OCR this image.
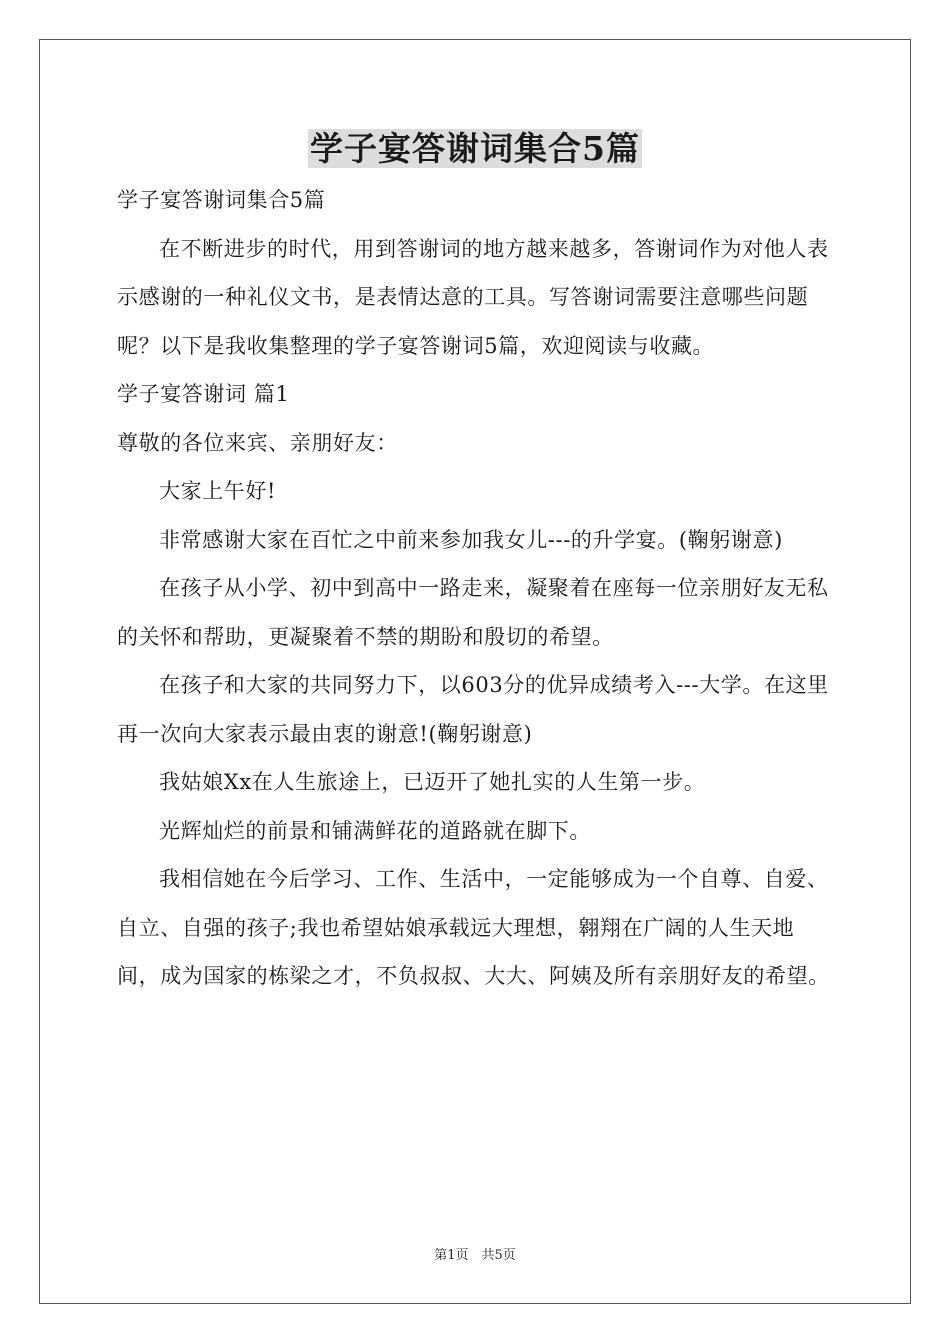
学子宴答谢词集合5篇

学子宴答谢词集合5篇

在不断进步的时代，用到答谢词的地方越来越多，答谢词作为对他人表示感谢的一种礼仪文书，是表情达意的工具。写答谢词需要注意哪些问题呢？以下是我收集整理的学子宴答谢词5篇，欢迎阅读与收藏。

学子宴答谢词 篇1

尊敬的各位来宾、亲朋好友：

大家上午好!

非常感谢大家在百忙之中前来参加我女儿---的升学宴。(鞠躬谢意)

在孩子从小学、初中到高中一路走来，凝聚着在座每一位亲朋好友无私的关怀和帮助，更凝聚着不禁的期盼和殷切的希望。

在孩子和大家的共同努力下，以603分的优异成绩考入---大学。在这里再一次向大家表示最由衷的谢意!(鞠躬谢意)

我姑娘Xx在人生旅途上，已迈开了她扎实的人生第一步。

光辉灿烂的前景和铺满鲜花的道路就在脚下。

我相信她在今后学习、工作、生活中，一定能够成为一个自尊、自爱、自立、自强的孩子;我也希望姑娘承载远大理想，翱翔在广阔的人生天地间，成为国家的栋梁之才，不负叔叔、大大、阿姨及所有亲朋好友的希望。

第1页　共5页
